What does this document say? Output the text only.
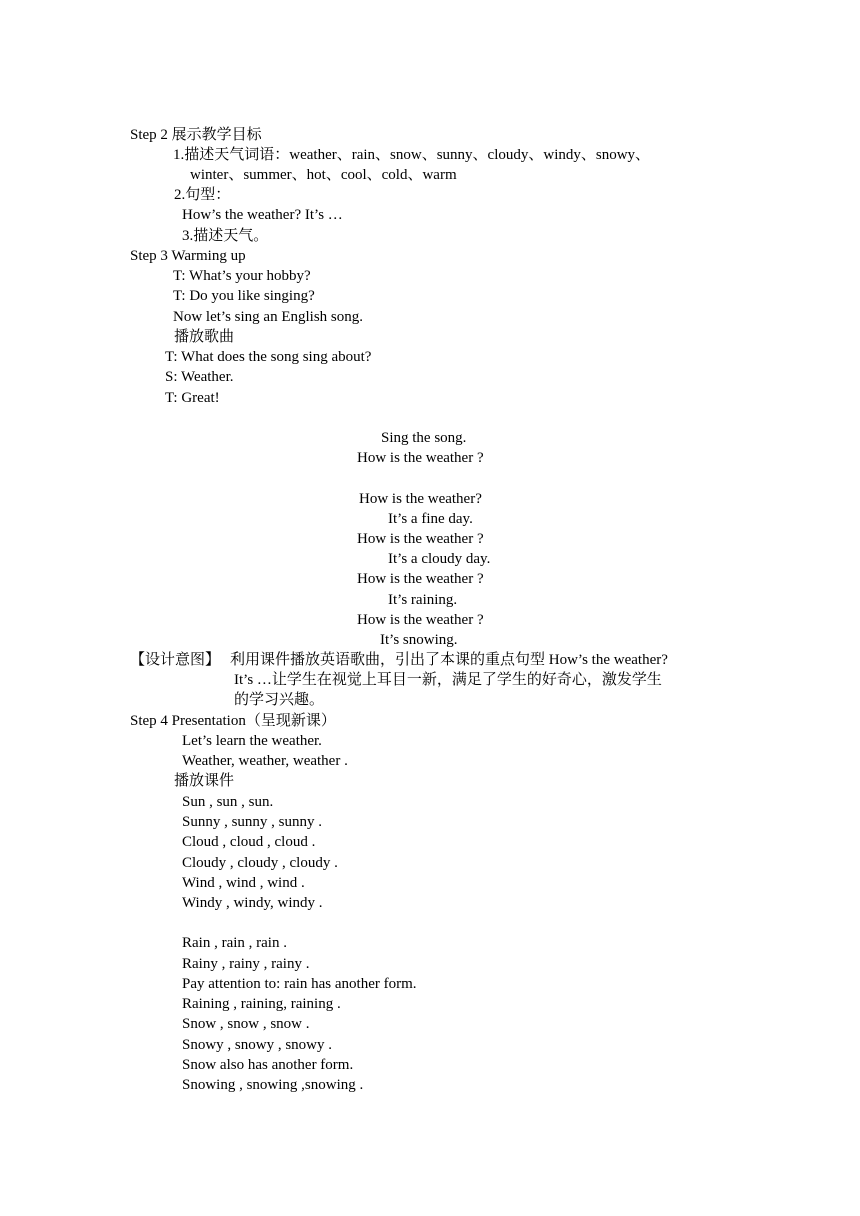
Step 2 展示教学目标
1.描述天气词语：weather、rain、snow、sunny、cloudy、windy、snowy、
winter、summer、hot、cool、cold、warm
2.句型：
How’s the weather? It’s …
3.描述天气。
Step 3 Warming up
T: What’s your hobby?
T: Do you like singing?
Now let’s sing an English song.
播放歌曲
T: What does the song sing about?
S: Weather.
T: Great!
Sing the song.
How is the weather ?
How is the weather?
It’s a fine day.
How is the weather ?
It’s a cloudy day.
How is the weather ?
It’s raining.
How is the weather ?
It’s snowing.
【设计意图】 利用课件播放英语歌曲，引出了本课的重点句型 How’s the weather?
It’s …让学生在视觉上耳目一新，满足了学生的好奇心，激发学生
的学习兴趣。
Step 4 Presentation（呈现新课）
Let’s learn the weather.
Weather, weather, weather .
播放课件
Sun , sun , sun.
Sunny , sunny , sunny .
Cloud , cloud , cloud .
Cloudy , cloudy , cloudy .
Wind , wind , wind .
Windy , windy, windy .
Rain , rain , rain .
Rainy , rainy , rainy .
Pay attention to: rain has another form.
Raining , raining, raining .
Snow , snow , snow .
Snowy , snowy , snowy .
Snow also has another form.
Snowing , snowing ,snowing .
